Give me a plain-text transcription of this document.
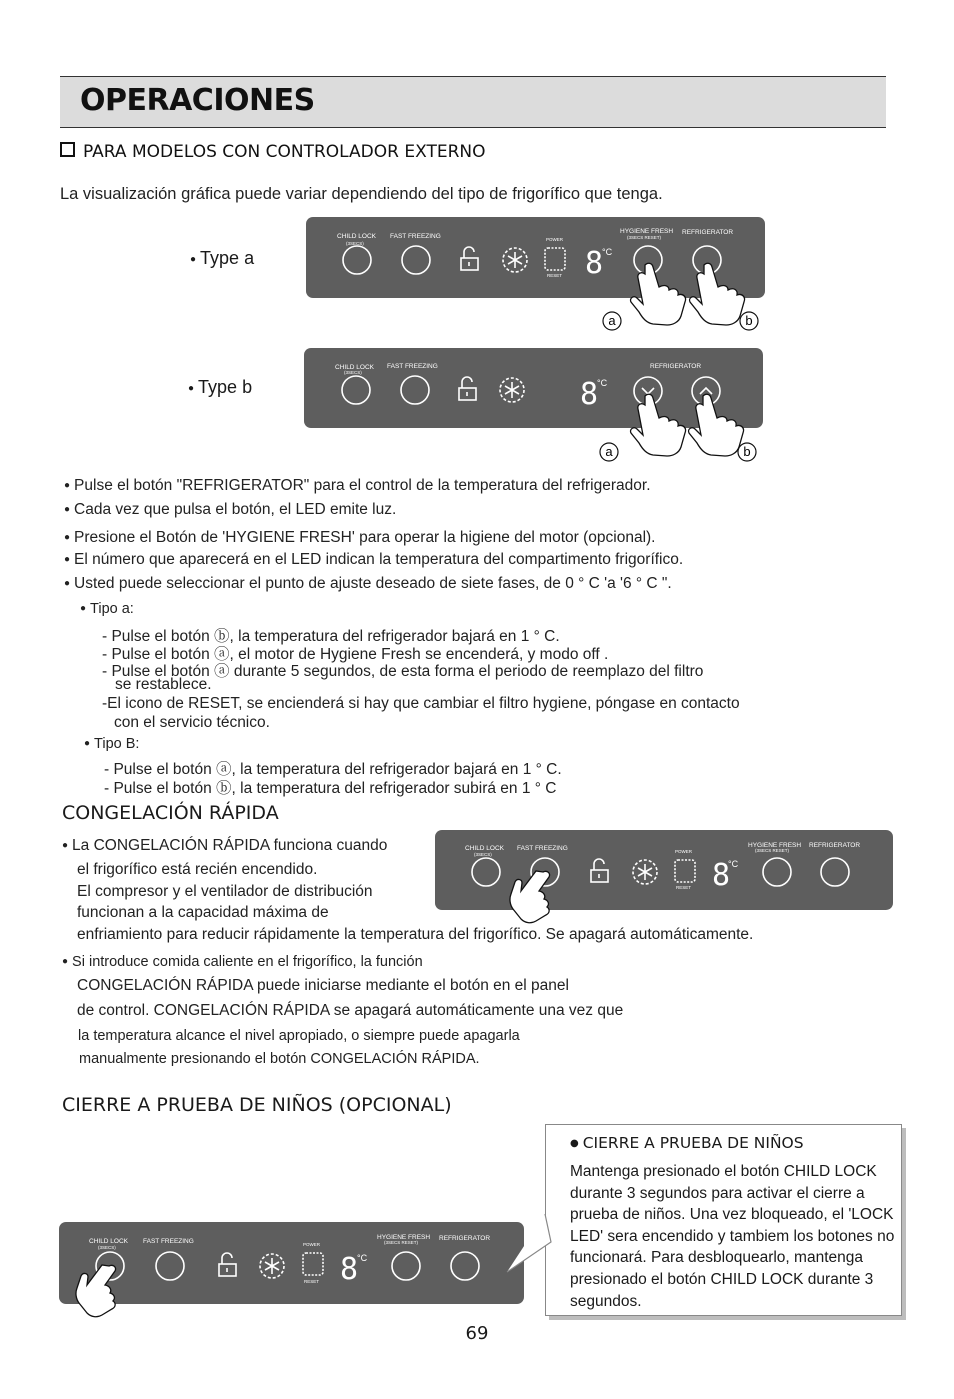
OPERACIONES
PARA MODELOS CON CONTROLADOR EXTERNO
La visualización gráfica puede variar dependiendo del tipo de frigorífico que tenga.
● Type a
CHILD LOCK
(3SECS)
FAST FREEZING
HYGIENE FRESH
(3SECS RESET)
REFRIGERATOR
POWER
RESET 8
°C
a	b
● Type b
CHILD LOCK
(3SECS)
FAST FREEZING	REFRIGERATOR
8
°C
a	b
● Pulse el botón "REFRIGERATOR" para el control de la temperatura del refrigerador.
● Cada vez que pulsa el botón, el LED emite luz.
● Presione el Botón de 'HYGIENE FRESH' para operar la higiene del motor (opcional).
● El número que aparecerá en el LED indican la temperatura del compartimento frigorífico.
● Usted puede seleccionar el punto de ajuste deseado de siete fases, de 0 ° C 'a '6 ° C ".
● Tipo a:
- Pulse el botón ⓑ, la temperatura del refrigerador bajará en 1 ° C.
- Pulse el botón ⓐ, el motor de Hygiene Fresh se encenderá, y modo off .
- Pulse el botón ⓐ durante 5 segundos, de esta forma el periodo de reemplazo del filtro
se restablece.
-El icono de RESET, se encienderá si hay que cambiar el filtro hygiene, póngase en contacto
con el servicio técnico.
● Tipo B:
- Pulse el botón ⓐ, la temperatura del refrigerador bajará en 1 ° C.
- Pulse el botón ⓑ, la temperatura del refrigerador subirá en 1 ° C
CONGELACIÓN RÁPIDA
● La CONGELACIÓN RÁPIDA funciona cuando
el frigorífico está recién encendido.
El compresor y el ventilador de distribución
funcionan a la capacidad máxima de
enfriamiento para reducir rápidamente la temperatura del frigorífico. Se apagará automáticamente.
CHILD LOCK
(3SECS)
FAST FREEZING	HYGIENE FRESH
(3SECS RESET)
REFRIGERATOR
POWER
RESET 8
°C
● Si introduce comida caliente en el frigorífico, la función
CONGELACIÓN RÁPIDA puede iniciarse mediante el botón en el panel
de control. CONGELACIÓN RÁPIDA se apagará automáticamente una vez que
la temperatura alcance el nivel apropiado, o siempre puede apagarla
manualmente presionando el botón CONGELACIÓN RÁPIDA.
CIERRE A PRUEBA DE NIÑOS (OPCIONAL)
● CIERRE A PRUEBA DE NIÑOS
Mantenga presionado el botón CHILD LOCK durante 3 segundos para activar el cierre a prueba de niños. Una vez bloqueado, el 'LOCK LED' sera encendido y tambiem los botones no funcionará. Para desbloquearlo, mantenga presionado el botón CHILD LOCK durante 3 segundos.
CHILD LOCK
(3SECS)
FAST FREEZING
HYGIENE FRESH
(3SECS RESET)
REFRIGERATOR
POWER
RESET 8
°C
69
